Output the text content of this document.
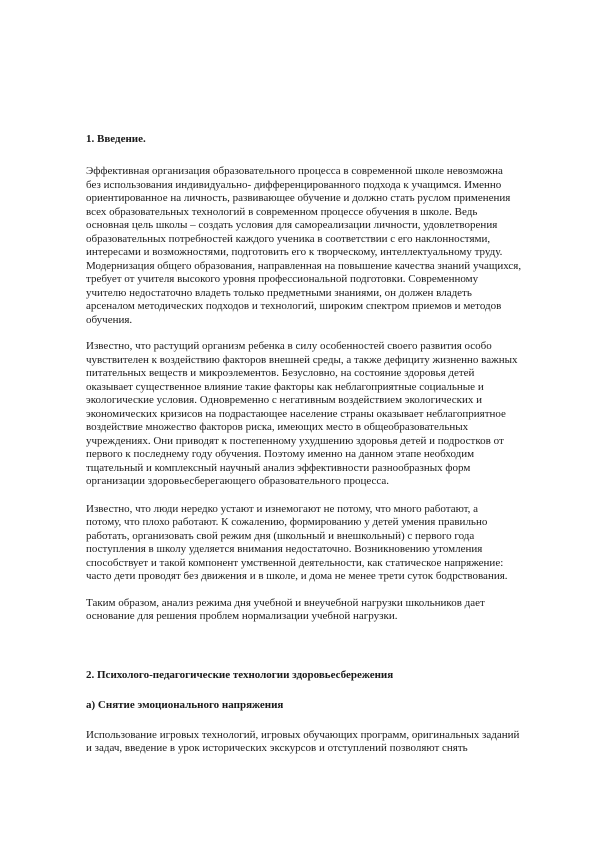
1. Введение.

Эффективная организация образовательного процесса в современной школе невозможна
без использования индивидуально- дифференцированного подхода к учащимся. Именно
ориентированное на личность, развивающее обучение и должно стать руслом применения
всех образовательных технологий в современном процессе обучения в школе. Ведь
основная цель школы – создать условия для самореализации личности, удовлетворения
образовательных потребностей каждого ученика в соответствии с его наклонностями,
интересами и возможностями, подготовить его к творческому, интеллектуальному труду.
Модернизация общего образования, направленная на повышение качества знаний учащихся,
требует от учителя высокого уровня профессиональной подготовки. Современному
учителю недостаточно владеть только предметными знаниями, он должен владеть
арсеналом методических подходов и технологий, широким спектром приемов и методов
обучения.

Известно, что растущий организм ребенка в силу особенностей своего развития особо
чувствителен к воздействию факторов внешней среды, а также дефициту жизненно важных
питательных веществ и микроэлементов. Безусловно, на состояние здоровья детей
оказывает существенное влияние такие факторы как неблагоприятные социальные и
экологические условия. Одновременно с негативным воздействием экологических и
экономических кризисов на подрастающее население страны оказывает неблагоприятное
воздействие множество факторов риска, имеющих место в общеобразовательных
учреждениях. Они приводят к постепенному ухудшению здоровья детей и подростков от
первого к последнему году обучения. Поэтому именно на данном этапе необходим
тщательный и комплексный научный анализ эффективности разнообразных форм
организации здоровьесберегающего образовательного процесса.

Известно, что люди нередко устают и изнемогают не потому, что много работают, а
потому, что плохо работают. К сожалению, формированию у детей умения правильно
работать, организовать свой режим дня (школьный и внешкольный) с первого года
поступления в школу уделяется внимания недостаточно. Возникновению утомления
способствует и такой компонент умственной деятельности, как статическое напряжение:
часто дети проводят без движения и в школе, и дома не менее трети суток бодрствования.

Таким образом, анализ режима дня учебной и внеучебной нагрузки школьников дает
основание для решения проблем нормализации учебной нагрузки.

2. Психолого-педагогические технологии здоровьесбережения

а) Снятие эмоционального напряжения

Использование игровых технологий, игровых обучающих программ, оригинальных заданий
и задач, введение в урок исторических экскурсов и отступлений позволяют снять
